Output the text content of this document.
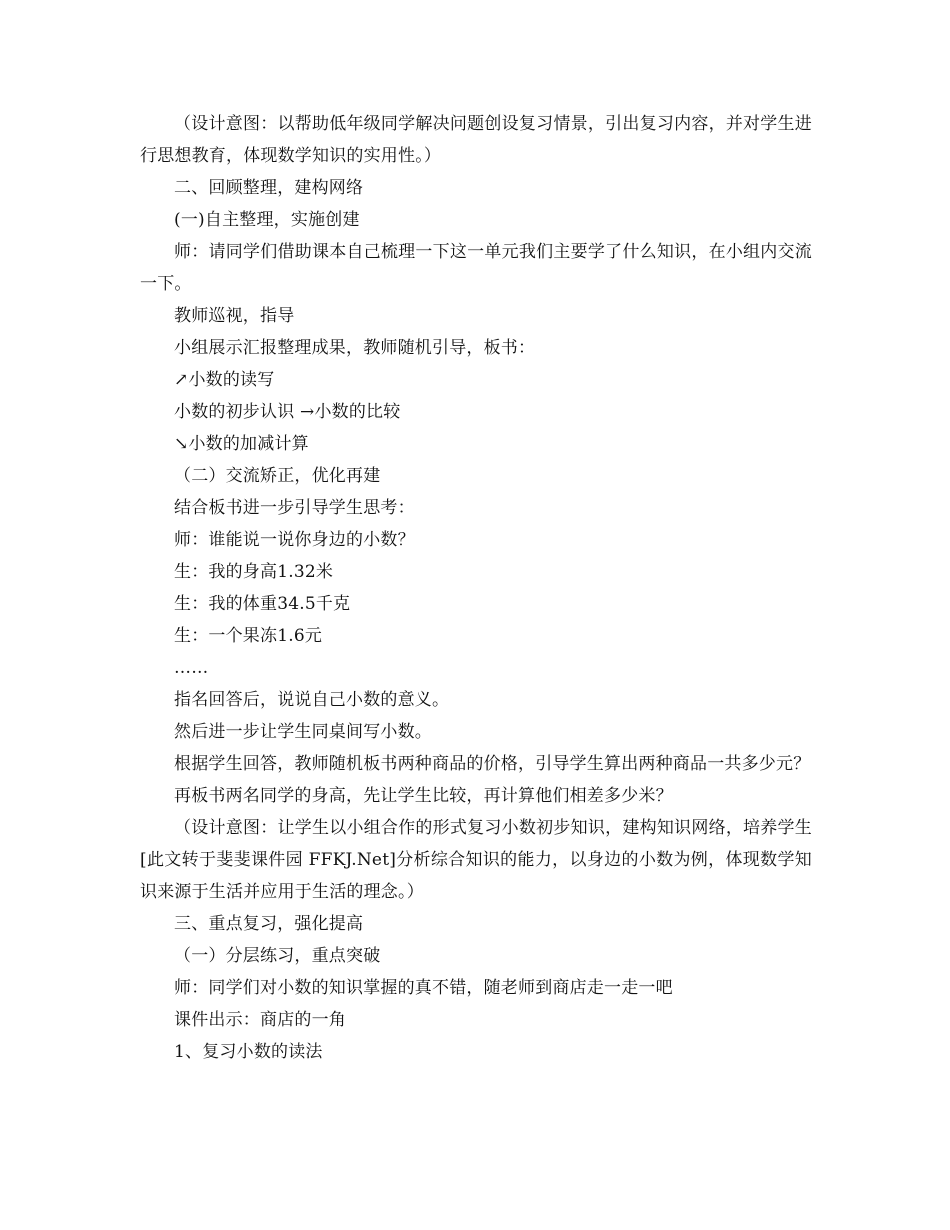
（设计意图：以帮助低年级同学解决问题创设复习情景，引出复习内容，并对学生进行思想教育，体现数学知识的实用性。）

二、回顾整理，建构网络

(一)自主整理，实施创建

师：请同学们借助课本自己梳理一下这一单元我们主要学了什么知识，在小组内交流一下。

教师巡视，指导

小组展示汇报整理成果，教师随机引导，板书：

↗小数的读写

小数的初步认识 →小数的比较

↘小数的加减计算

（二）交流矫正，优化再建

结合板书进一步引导学生思考：

师：谁能说一说你身边的小数？

生：我的身高1.32米

生：我的体重34.5千克

生：一个果冻1.6元

……

指名回答后，说说自己小数的意义。

然后进一步让学生同桌间写小数。

根据学生回答，教师随机板书两种商品的价格，引导学生算出两种商品一共多少元？

再板书两名同学的身高，先让学生比较，再计算他们相差多少米？

（设计意图：让学生以小组合作的形式复习小数初步知识，建构知识网络，培养学生[此文转于斐斐课件园 FFKJ.Net]分析综合知识的能力，以身边的小数为例，体现数学知识来源于生活并应用于生活的理念。）

三、重点复习，强化提高

（一）分层练习，重点突破

师：同学们对小数的知识掌握的真不错，随老师到商店走一走一吧

课件出示：商店的一角

1、复习小数的读法
